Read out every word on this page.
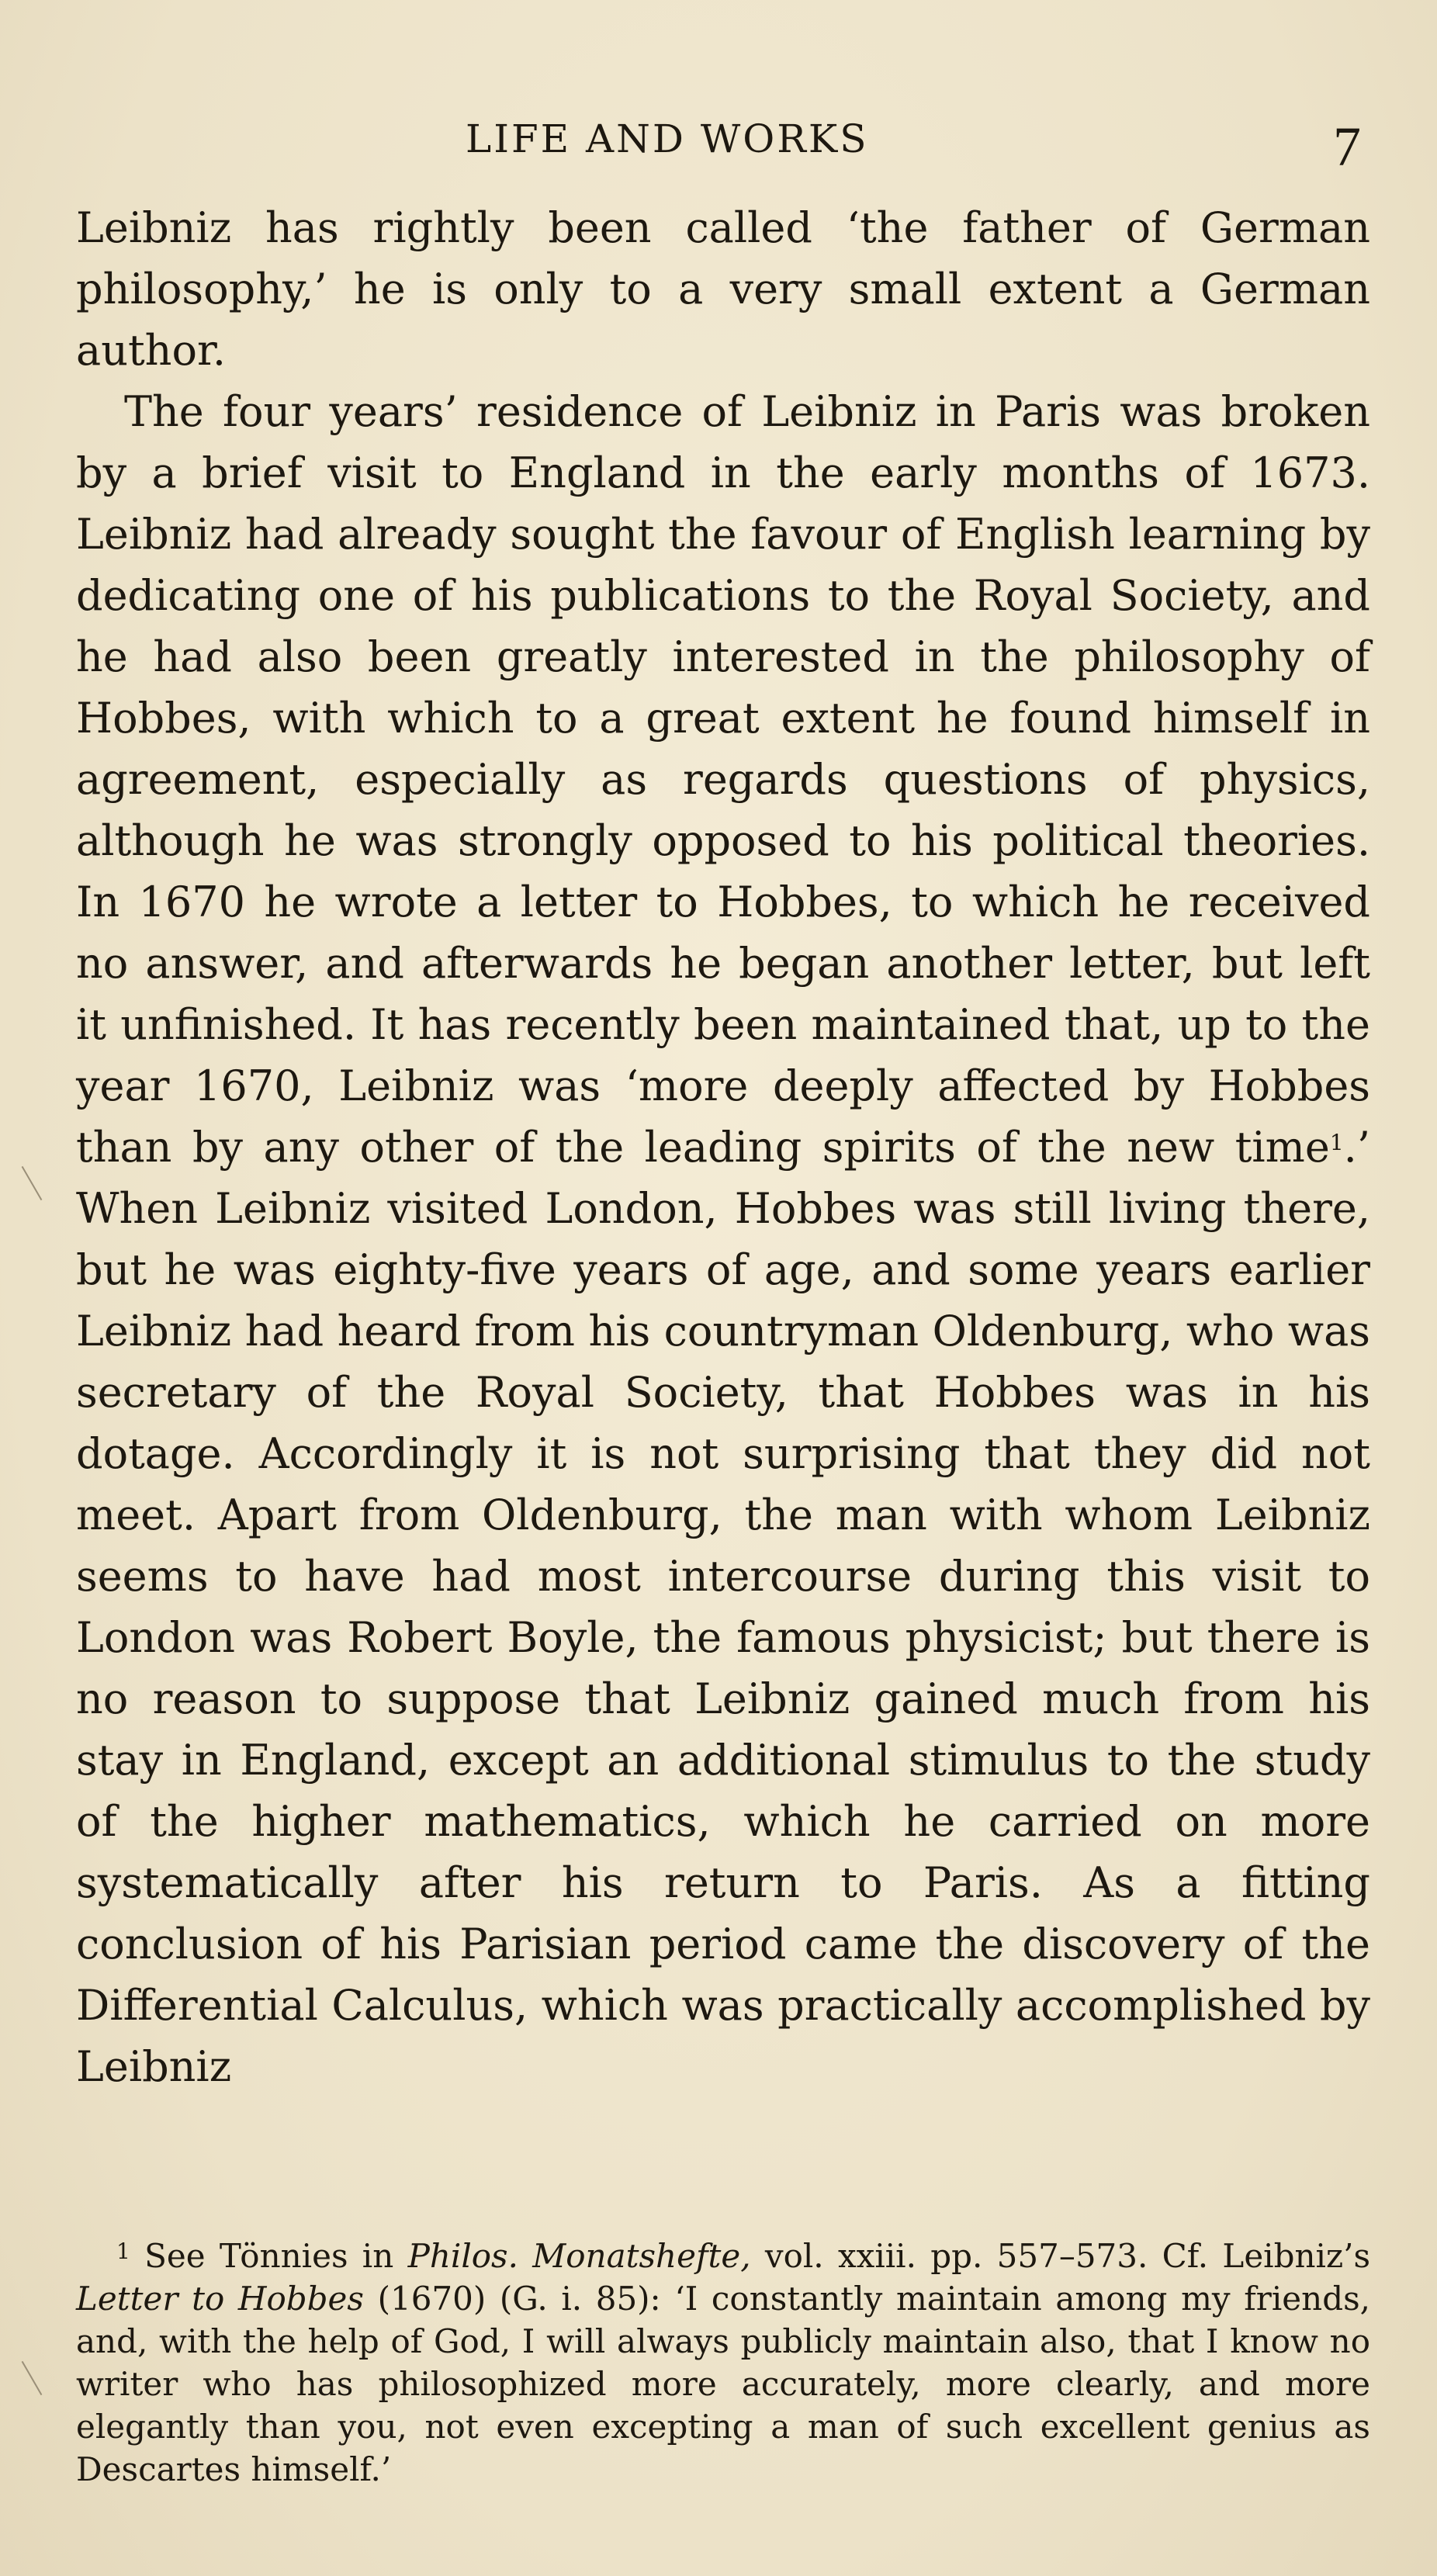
LIFE AND WORKS	7

Leibniz has rightly been called ‘the father of German philosophy,’ he is only to a very small extent a German author.

The four years’ residence of Leibniz in Paris was broken by a brief visit to England in the early months of 1673. Leibniz had already sought the favour of English learning by dedicating one of his publications to the Royal Society, and he had also been greatly interested in the philosophy of Hobbes, with which to a great extent he found himself in agreement, especially as regards questions of physics, although he was strongly opposed to his political theories. In 1670 he wrote a letter to Hobbes, to which he received no answer, and afterwards he began another letter, but left it unfinished. It has recently been maintained that, up to the year 1670, Leibniz was ‘more deeply affected by Hobbes than by any other of the leading spirits of the new time$^1$.’ When Leibniz visited London, Hobbes was still living there, but he was eighty-five years of age, and some years earlier Leibniz had heard from his countryman Oldenburg, who was secretary of the Royal Society, that Hobbes was in his dotage. Accordingly it is not surprising that they did not meet. Apart from Oldenburg, the man with whom Leibniz seems to have had most intercourse during this visit to London was Robert Boyle, the famous physicist; but there is no reason to suppose that Leibniz gained much from his stay in England, except an additional stimulus to the study of the higher mathematics, which he carried on more systematically after his return to Paris. As a fitting conclusion of his Parisian period came the discovery of the Differential Calculus, which was practically accomplished by Leibniz

$^1$ See Tönnies in Philos. Monatshefte, vol. xxiii. pp. 557–573. Cf. Leibniz’s Letter to Hobbes (1670) (G. i. 85): ‘I constantly maintain among my friends, and, with the help of God, I will always publicly maintain also, that I know no writer who has philosophized more accurately, more clearly, and more elegantly than you, not even excepting a man of such excellent genius as Descartes himself.’
